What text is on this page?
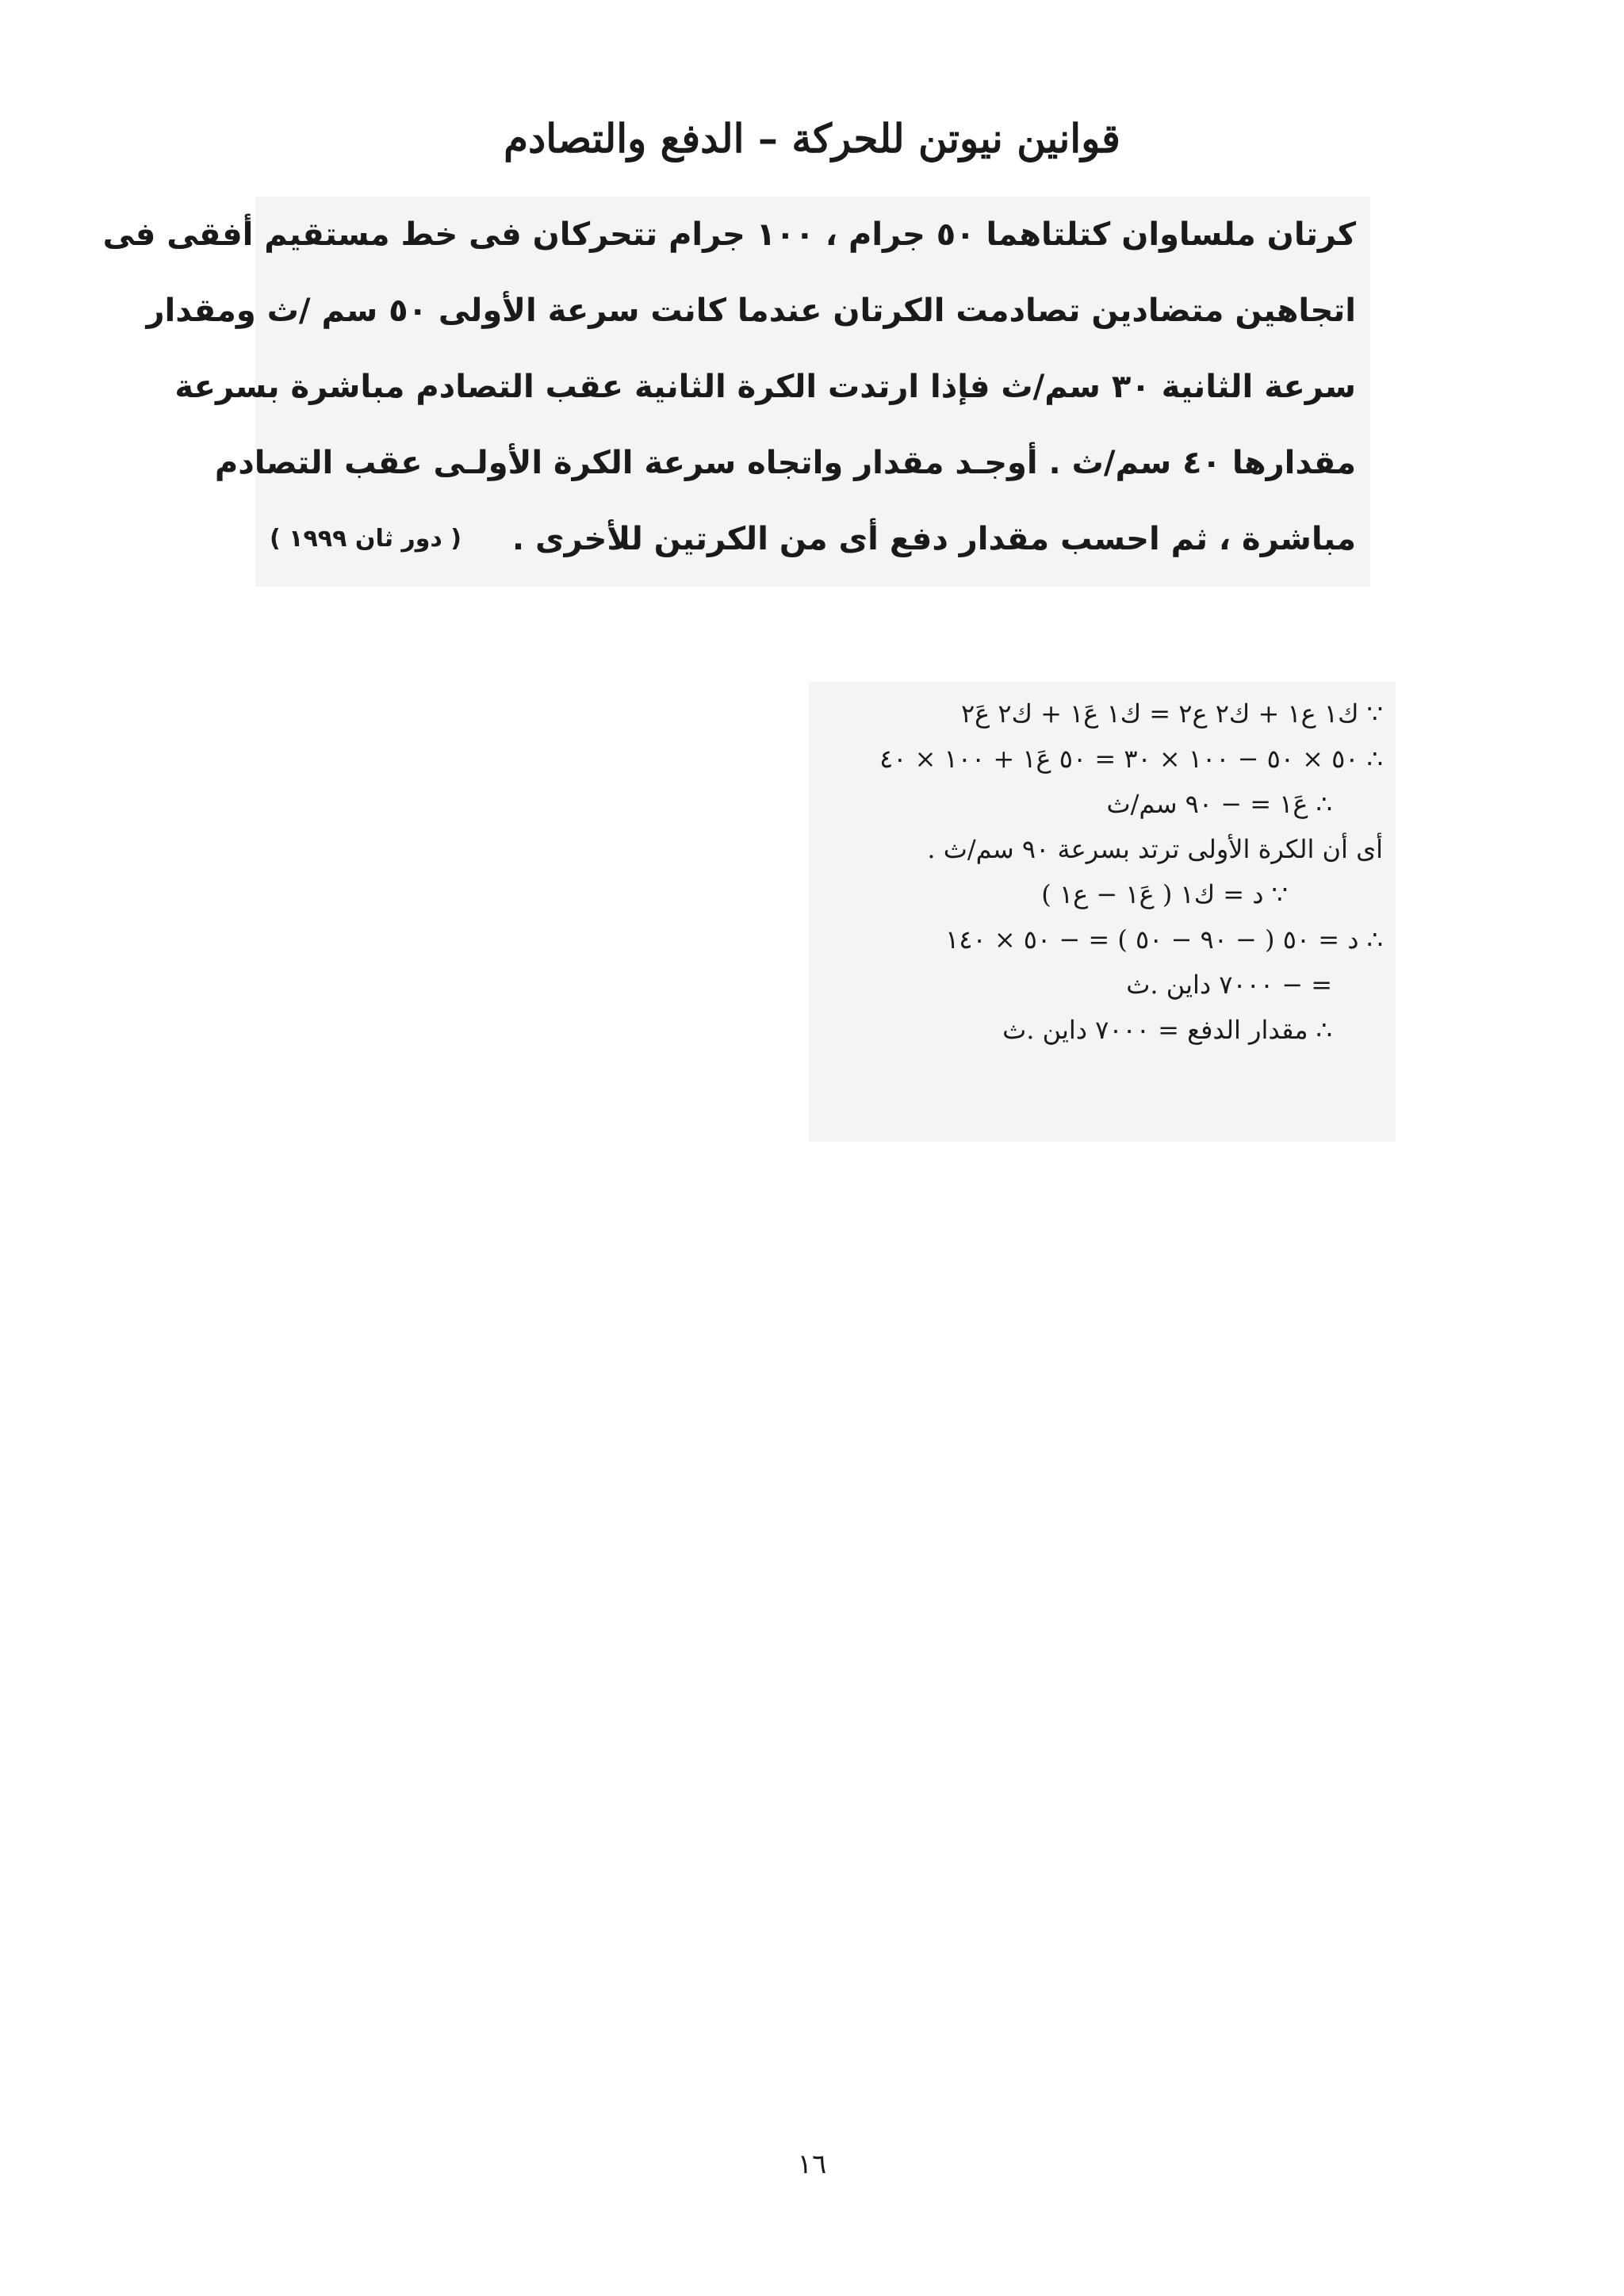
قوانين نيوتن للحركة – الدفع والتصادم
كرتان ملساوان كتلتاهما ٥٠ جرام ، ١٠٠ جرام تتحركان فى خط مستقيم أفقى فى
اتجاهين متضادين تصادمت الكرتان عندما كانت سرعة الأولى ٥٠ سم /ث ومقدار
سرعة الثانية ٣٠ سم/ث فإذا ارتدت الكرة الثانية عقب التصادم مباشرة بسرعة
مقدارها ٤٠ سم/ث . أوجـد مقدار واتجاه سرعة الكرة الأولـى عقب التصادم
مباشرة ، ثم احسب مقدار دفع أى من الكرتين للأخرى .
( دور ثان ١٩٩٩ )
∵ ك١ ع١ + ك٢ ع٢ = ك١ عَ١ + ك٢ عَ٢
∴ ٥٠ × ٥٠ − ١٠٠ × ٣٠ = ٥٠ عَ١ + ١٠٠ × ٤٠
∴ عَ١ = − ٩٠ سم/ث
أى أن الكرة الأولى ترتد بسرعة ٩٠ سم/ث .
∵ د = ك١ ( عَ١ − ع١ )
∴ د = ٥٠ ( − ٩٠ − ٥٠ ) = − ٥٠ × ١٤٠
= − ٧٠٠٠ داين .ث
∴ مقدار الدفع = ٧٠٠٠ داين .ث
١٦
